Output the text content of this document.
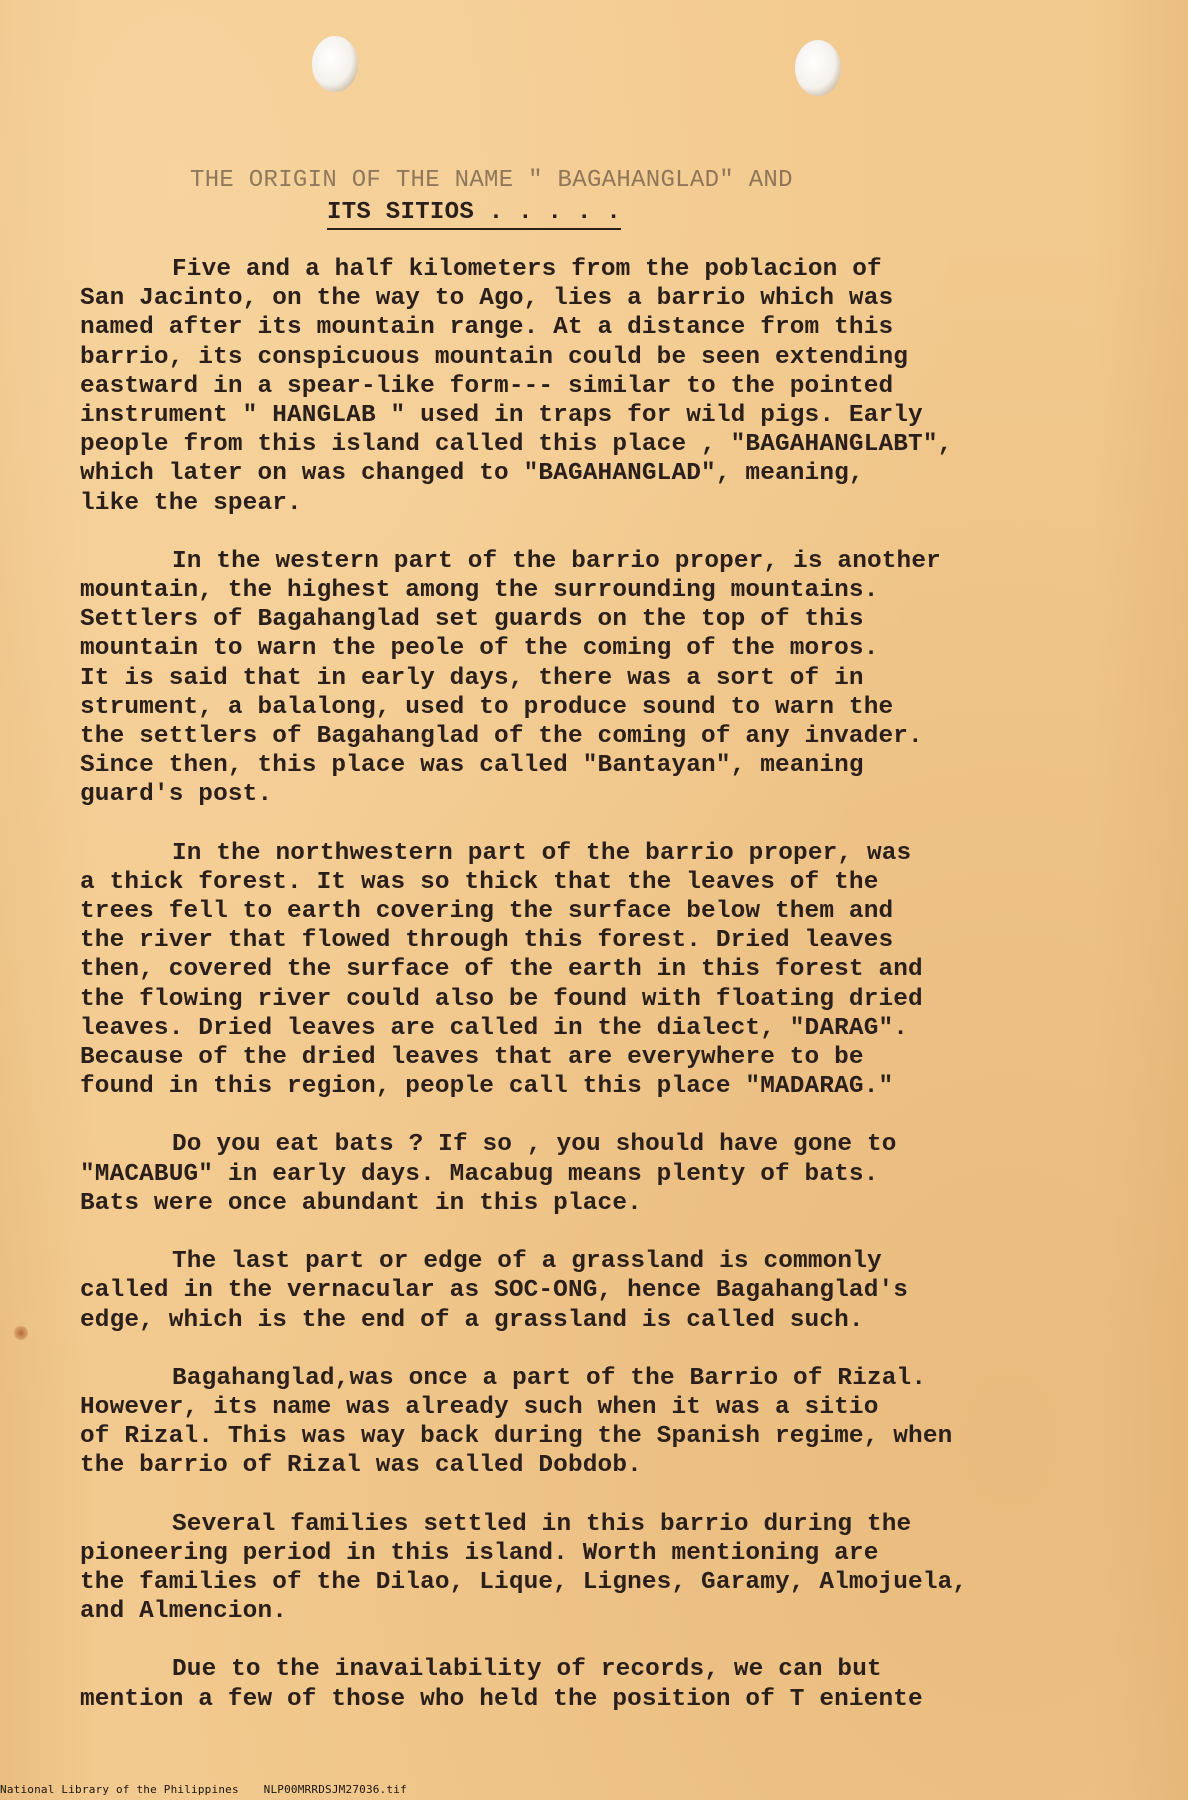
THE ORIGIN OF THE NAME " BAGAHANGLAD" AND
ITS SITIOS . . . . .
Five and a half kilometers from the poblacion of
San Jacinto, on the way to Ago, lies a barrio which was
named after its mountain range. At a distance from this
barrio, its conspicuous mountain could be seen extending
eastward in a spear-like form--- similar to the pointed
instrument " HANGLAB " used in traps for wild pigs. Early
people from this island called this place , "BAGAHANGLABT",
which later on was changed to "BAGAHANGLAD", meaning,
like the spear.
In the western part of the barrio proper, is another
mountain, the highest among the surrounding mountains.
Settlers of Bagahanglad set guards on the top of this
mountain to warn the peole of the coming of the moros.
It is said that in early days, there was a sort of in
strument, a balalong, used to produce sound to warn the
the settlers of Bagahanglad of the coming of any invader.
Since then, this place was called "Bantayan", meaning
guard's post.
In the northwestern part of the barrio proper, was
a thick forest. It was so thick that the leaves of the
trees fell to earth covering the surface below them and
the river that flowed through this forest. Dried leaves
then, covered the surface of the earth in this forest and
the flowing river could also be found with floating dried
leaves. Dried leaves are called in the dialect, "DARAG".
Because of the dried leaves that are everywhere to be
found in this region, people call this place "MADARAG."
Do you eat bats ? If so , you should have gone to
"MACABUG" in early days. Macabug means plenty of bats.
Bats were once abundant in this place.
The last part or edge of a grassland is commonly
called in the vernacular as SOC-ONG, hence Bagahanglad's
edge, which is the end of a grassland is called such.
Bagahanglad,was once a part of the Barrio of Rizal.
However, its name was already such when it was a sitio
of Rizal. This was way back during the Spanish regime, when
the barrio of Rizal was called Dobdob.
Several families settled in this barrio during the
pioneering period in this island. Worth mentioning are
the families of the Dilao, Lique, Lignes, Garamy, Almojuela,
and Almencion.
Due to the inavailability of records, we can but
mention a few of those who held the position of T eniente
National Library of the Philippines NLP00MRRDSJM27036.tif
